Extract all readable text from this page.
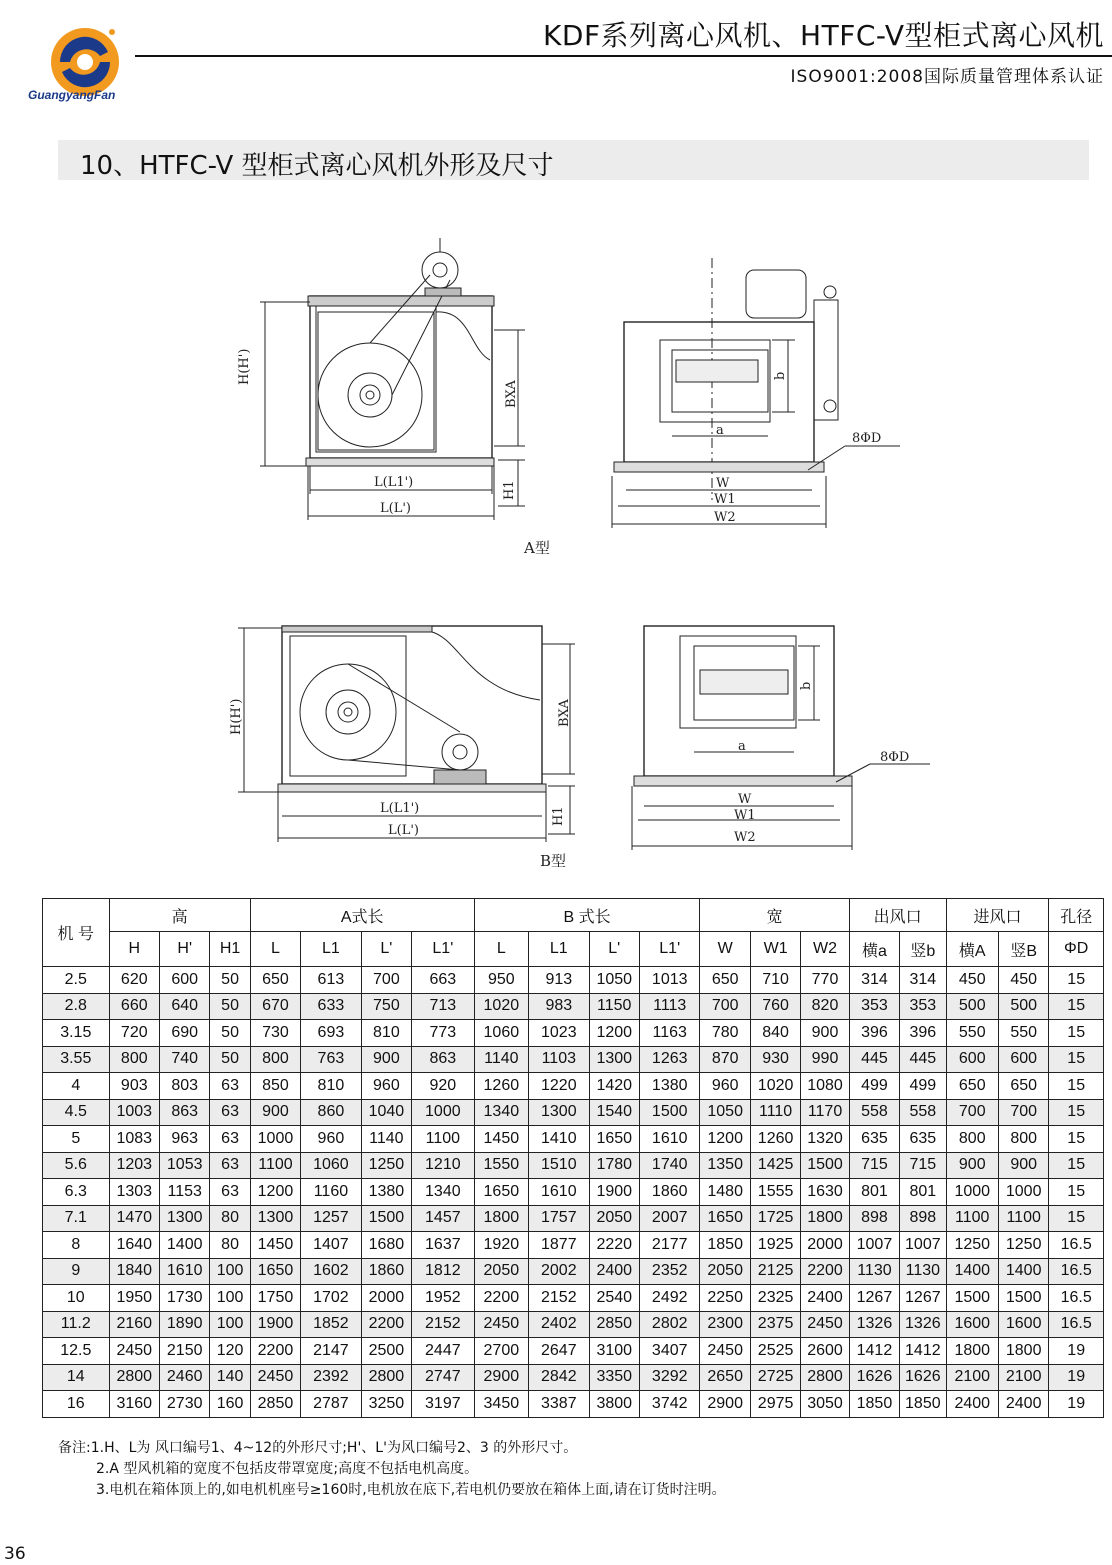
GuangyangFan
KDF系列离心风机、HTFC-V型柜式离心风机
ISO9001:2008国际质量管理体系认证
10、HTFC-V 型柜式离心风机外形及尺寸
H(H')
BXA
H1
L(L1')
L(L')
b
a
8ΦD
W
W1
W2
A型
H(H')	BXA
H1
L(L1')
L(L')
b
a
8ΦD
W
W1
W2
B型
机 号	高			A式长				B 式长				宽			出风口		进风口		孔径
	H	H'	H1	L	L1	L'	L1'	L	L1	L'	L1'	W	W1	W2	横a	竖b	横A	竖B	ΦD
2.5	620	600	50	650	613	700	663	950	913	1050	1013	650	710	770	314	314	450	450	15
2.8	660	640	50	670	633	750	713	1020	983	1150	1113	700	760	820	353	353	500	500	15
3.15	720	690	50	730	693	810	773	1060	1023	1200	1163	780	840	900	396	396	550	550	15
3.55	800	740	50	800	763	900	863	1140	1103	1300	1263	870	930	990	445	445	600	600	15
4	903	803	63	850	810	960	920	1260	1220	1420	1380	960	1020	1080	499	499	650	650	15
4.5	1003	863	63	900	860	1040	1000	1340	1300	1540	1500	1050	1110	1170	558	558	700	700	15
5	1083	963	63	1000	960	1140	1100	1450	1410	1650	1610	1200	1260	1320	635	635	800	800	15
5.6	1203	1053	63	1100	1060	1250	1210	1550	1510	1780	1740	1350	1425	1500	715	715	900	900	15
6.3	1303	1153	63	1200	1160	1380	1340	1650	1610	1900	1860	1480	1555	1630	801	801	1000	1000	15
7.1	1470	1300	80	1300	1257	1500	1457	1800	1757	2050	2007	1650	1725	1800	898	898	1100	1100	15
8	1640	1400	80	1450	1407	1680	1637	1920	1877	2220	2177	1850	1925	2000	1007	1007	1250	1250	16.5
9	1840	1610	100	1650	1602	1860	1812	2050	2002	2400	2352	2050	2125	2200	1130	1130	1400	1400	16.5
10	1950	1730	100	1750	1702	2000	1952	2200	2152	2540	2492	2250	2325	2400	1267	1267	1500	1500	16.5
11.2	2160	1890	100	1900	1852	2200	2152	2450	2402	2850	2802	2300	2375	2450	1326	1326	1600	1600	16.5
12.5	2450	2150	120	2200	2147	2500	2447	2700	2647	3100	3407	2450	2525	2600	1412	1412	1800	1800	19
14	2800	2460	140	2450	2392	2800	2747	2900	2842	3350	3292	2650	2725	2800	1626	1626	2100	2100	19
16	3160	2730	160	2850	2787	3250	3197	3450	3387	3800	3742	2900	2975	3050	1850	1850	2400	2400	19
备注:1.H、L为 风口编号1、4~12的外形尺寸;H'、L'为风口编号2、3 的外形尺寸。
2.A 型风机箱的宽度不包括皮带罩宽度;高度不包括电机高度。
3.电机在箱体顶上的,如电机机座号≥160时,电机放在底下,若电机仍要放在箱体上面,请在订货时注明。
36
